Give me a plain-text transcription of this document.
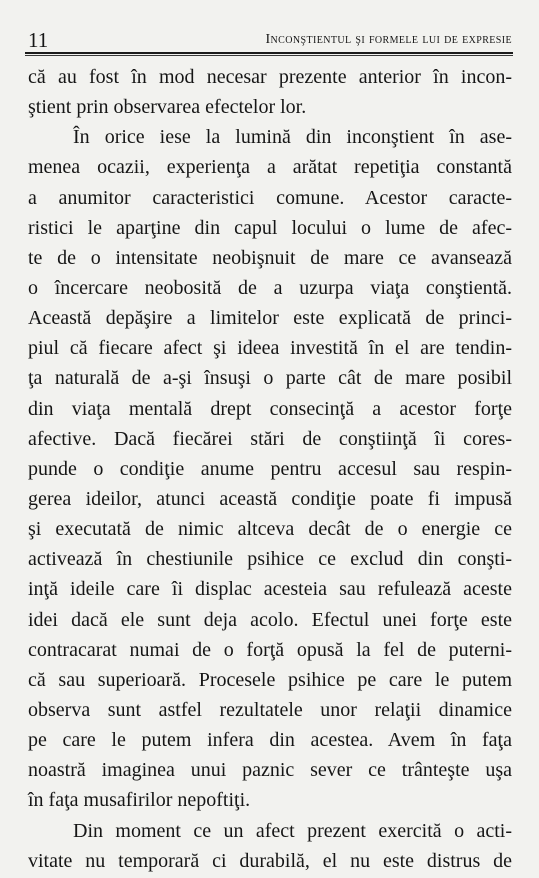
11	Inconştientul şi formele lui de expresie
că au fost în mod necesar prezente anterior în incon-
ştient prin observarea efectelor lor.
În orice iese la lumină din inconştient în ase-
menea ocazii, experienţa a arătat repetiţia constantă
a anumitor caracteristici comune. Acestor caracte-
ristici le aparţine din capul locului o lume de afec-
te de o intensitate neobişnuit de mare ce avansează
o încercare neobosită de a uzurpa viaţa conştientă.
Această depăşire a limitelor este explicată de princi-
piul că fiecare afect şi ideea investită în el are tendin-
ţa naturală de a-şi însuşi o parte cât de mare posibil
din viaţa mentală drept consecinţă a acestor forţe
afective. Dacă fiecărei stări de conştiinţă îi cores-
punde o condiţie anume pentru accesul sau respin-
gerea ideilor, atunci această condiţie poate fi impusă
şi executată de nimic altceva decât de o energie ce
activează în chestiunile psihice ce exclud din conşti-
inţă ideile care îi displac acesteia sau refulează aceste
idei dacă ele sunt deja acolo. Efectul unei forţe este
contracarat numai de o forţă opusă la fel de puterni-
că sau superioară. Procesele psihice pe care le putem
observa sunt astfel rezultatele unor relaţii dinamice
pe care le putem infera din acestea. Avem în faţa
noastră imaginea unui paznic sever ce trânteşte uşa
în faţa musafirilor nepoftiţi.
Din moment ce un afect prezent exercită o acti-
vitate nu temporară ci durabilă, el nu este distrus de
